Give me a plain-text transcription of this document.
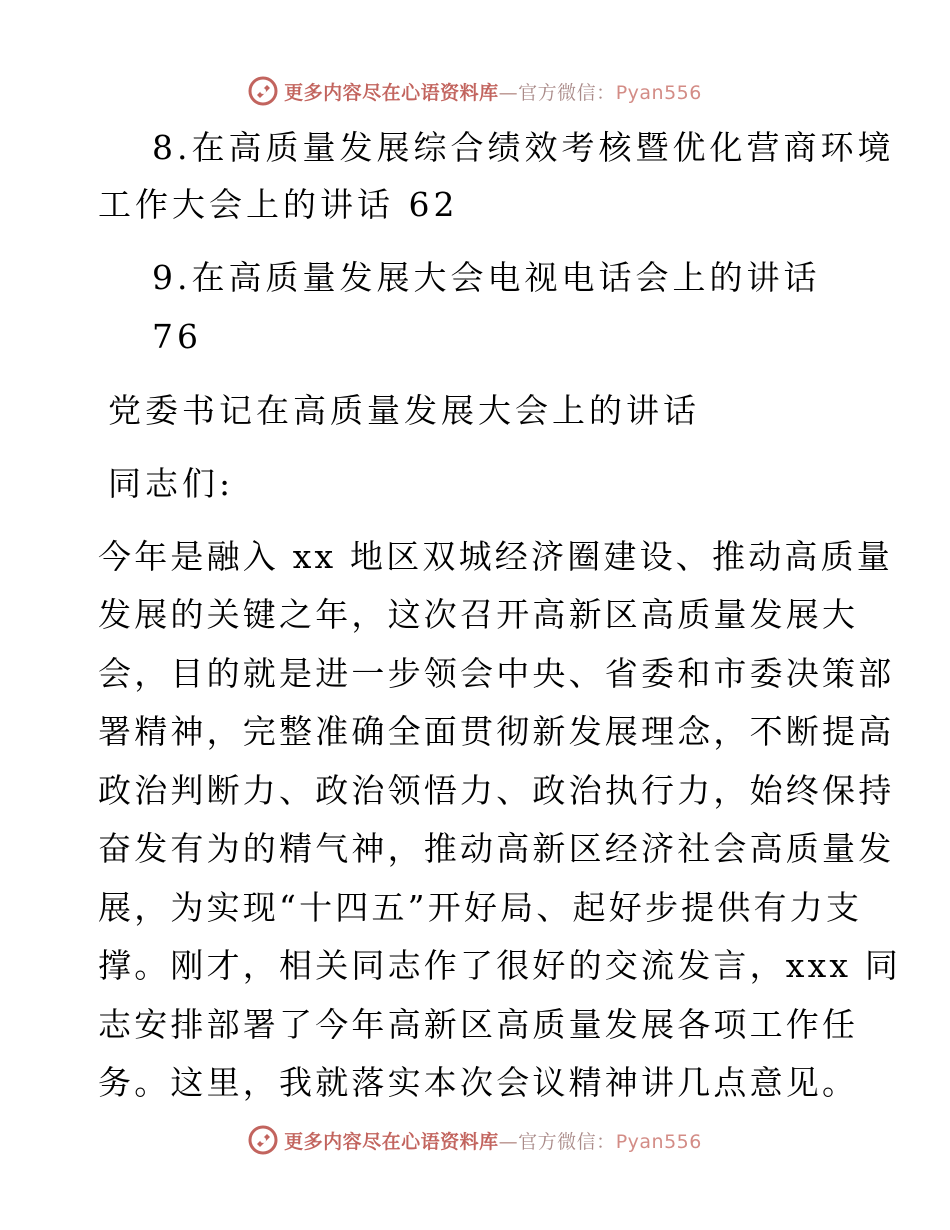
更多内容尽在心语资料库—官方微信：Pyan556
8.在高质量发展综合绩效考核暨优化营商环境
工作大会上的讲话 62
9.在高质量发展大会电视电话会上的讲话
76
党委书记在高质量发展大会上的讲话
同志们:
今年是融入 xx 地区双城经济圈建设、推动高质量
发展的关键之年，这次召开高新区高质量发展大
会，目的就是进一步领会中央、省委和市委决策部
署精神，完整准确全面贯彻新发展理念，不断提高
政治判断力、政治领悟力、政治执行力，始终保持
奋发有为的精气神，推动高新区经济社会高质量发
展，为实现“十四五”开好局、起好步提供有力支
撑。刚才，相关同志作了很好的交流发言，xxx 同
志安排部署了今年高新区高质量发展各项工作任
务。这里，我就落实本次会议精神讲几点意见。
更多内容尽在心语资料库—官方微信：Pyan556
